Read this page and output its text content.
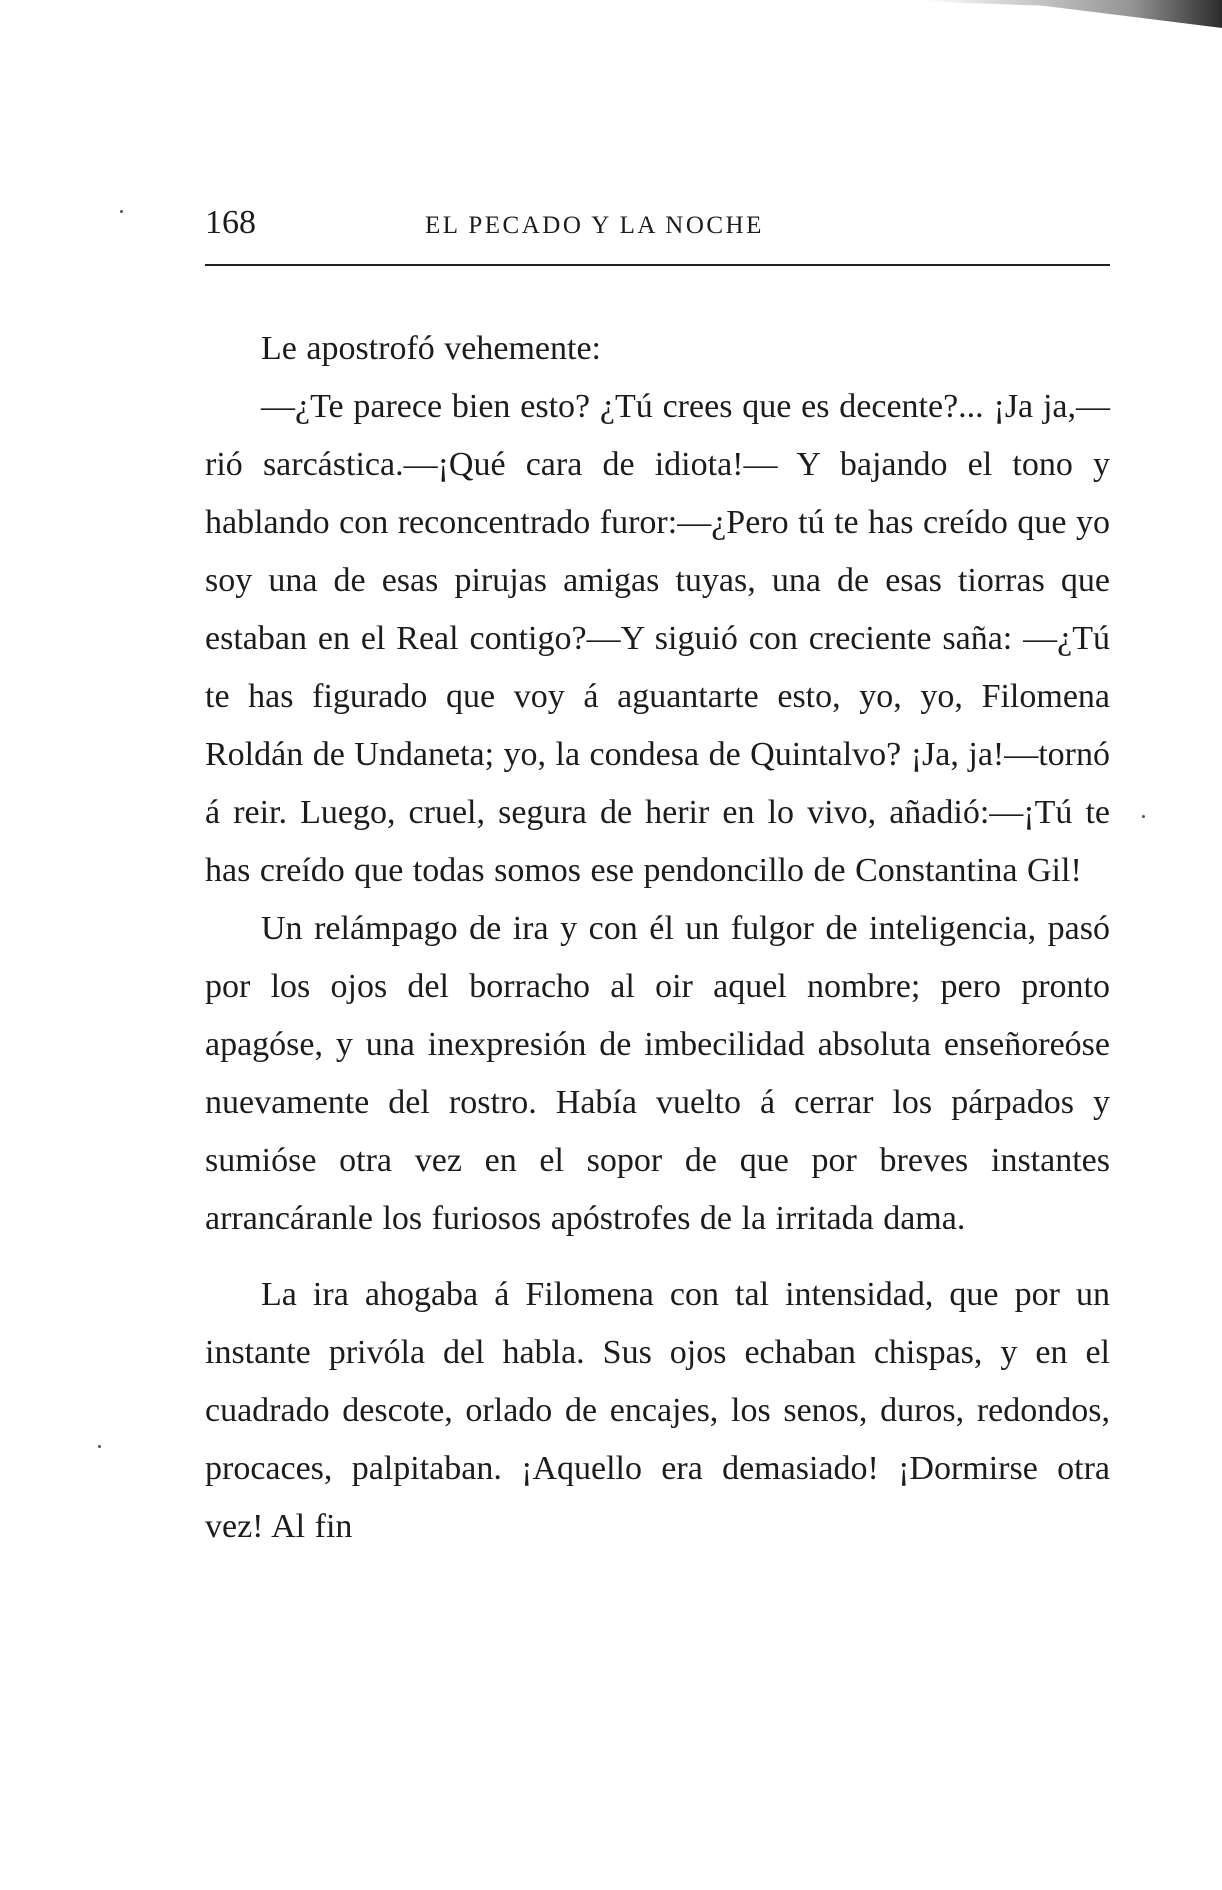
168	EL PECADO Y LA NOCHE

Le apostrofó vehemente:

—¿Te parece bien esto? ¿Tú crees que es decente?... ¡Ja ja,—rió sarcástica.—¡Qué cara de idiota!— Y bajando el tono y hablando con reconcentrado furor:—¿Pero tú te has creído que yo soy una de esas pirujas amigas tuyas, una de esas tiorras que estaban en el Real contigo?—Y siguió con creciente saña: —¿Tú te has figurado que voy á aguantarte esto, yo, yo, Filomena Roldán de Undaneta; yo, la condesa de Quintalvo? ¡Ja, ja!—tornó á reir. Luego, cruel, segura de herir en lo vivo, añadió:—¡Tú te has creído que todas somos ese pendoncillo de Constantina Gil!

Un relámpago de ira y con él un fulgor de inteligencia, pasó por los ojos del borracho al oir aquel nombre; pero pronto apagóse, y una inexpresión de imbecilidad absoluta enseñoreóse nuevamente del rostro. Había vuelto á cerrar los párpados y sumióse otra vez en el sopor de que por breves instantes arrancáranle los furiosos apóstrofes de la irritada dama.

La ira ahogaba á Filomena con tal intensidad, que por un instante privóla del habla. Sus ojos echaban chispas, y en el cuadrado descote, orlado de encajes, los senos, duros, redondos, procaces, palpitaban. ¡Aquello era demasiado! ¡Dormirse otra vez! Al fin
